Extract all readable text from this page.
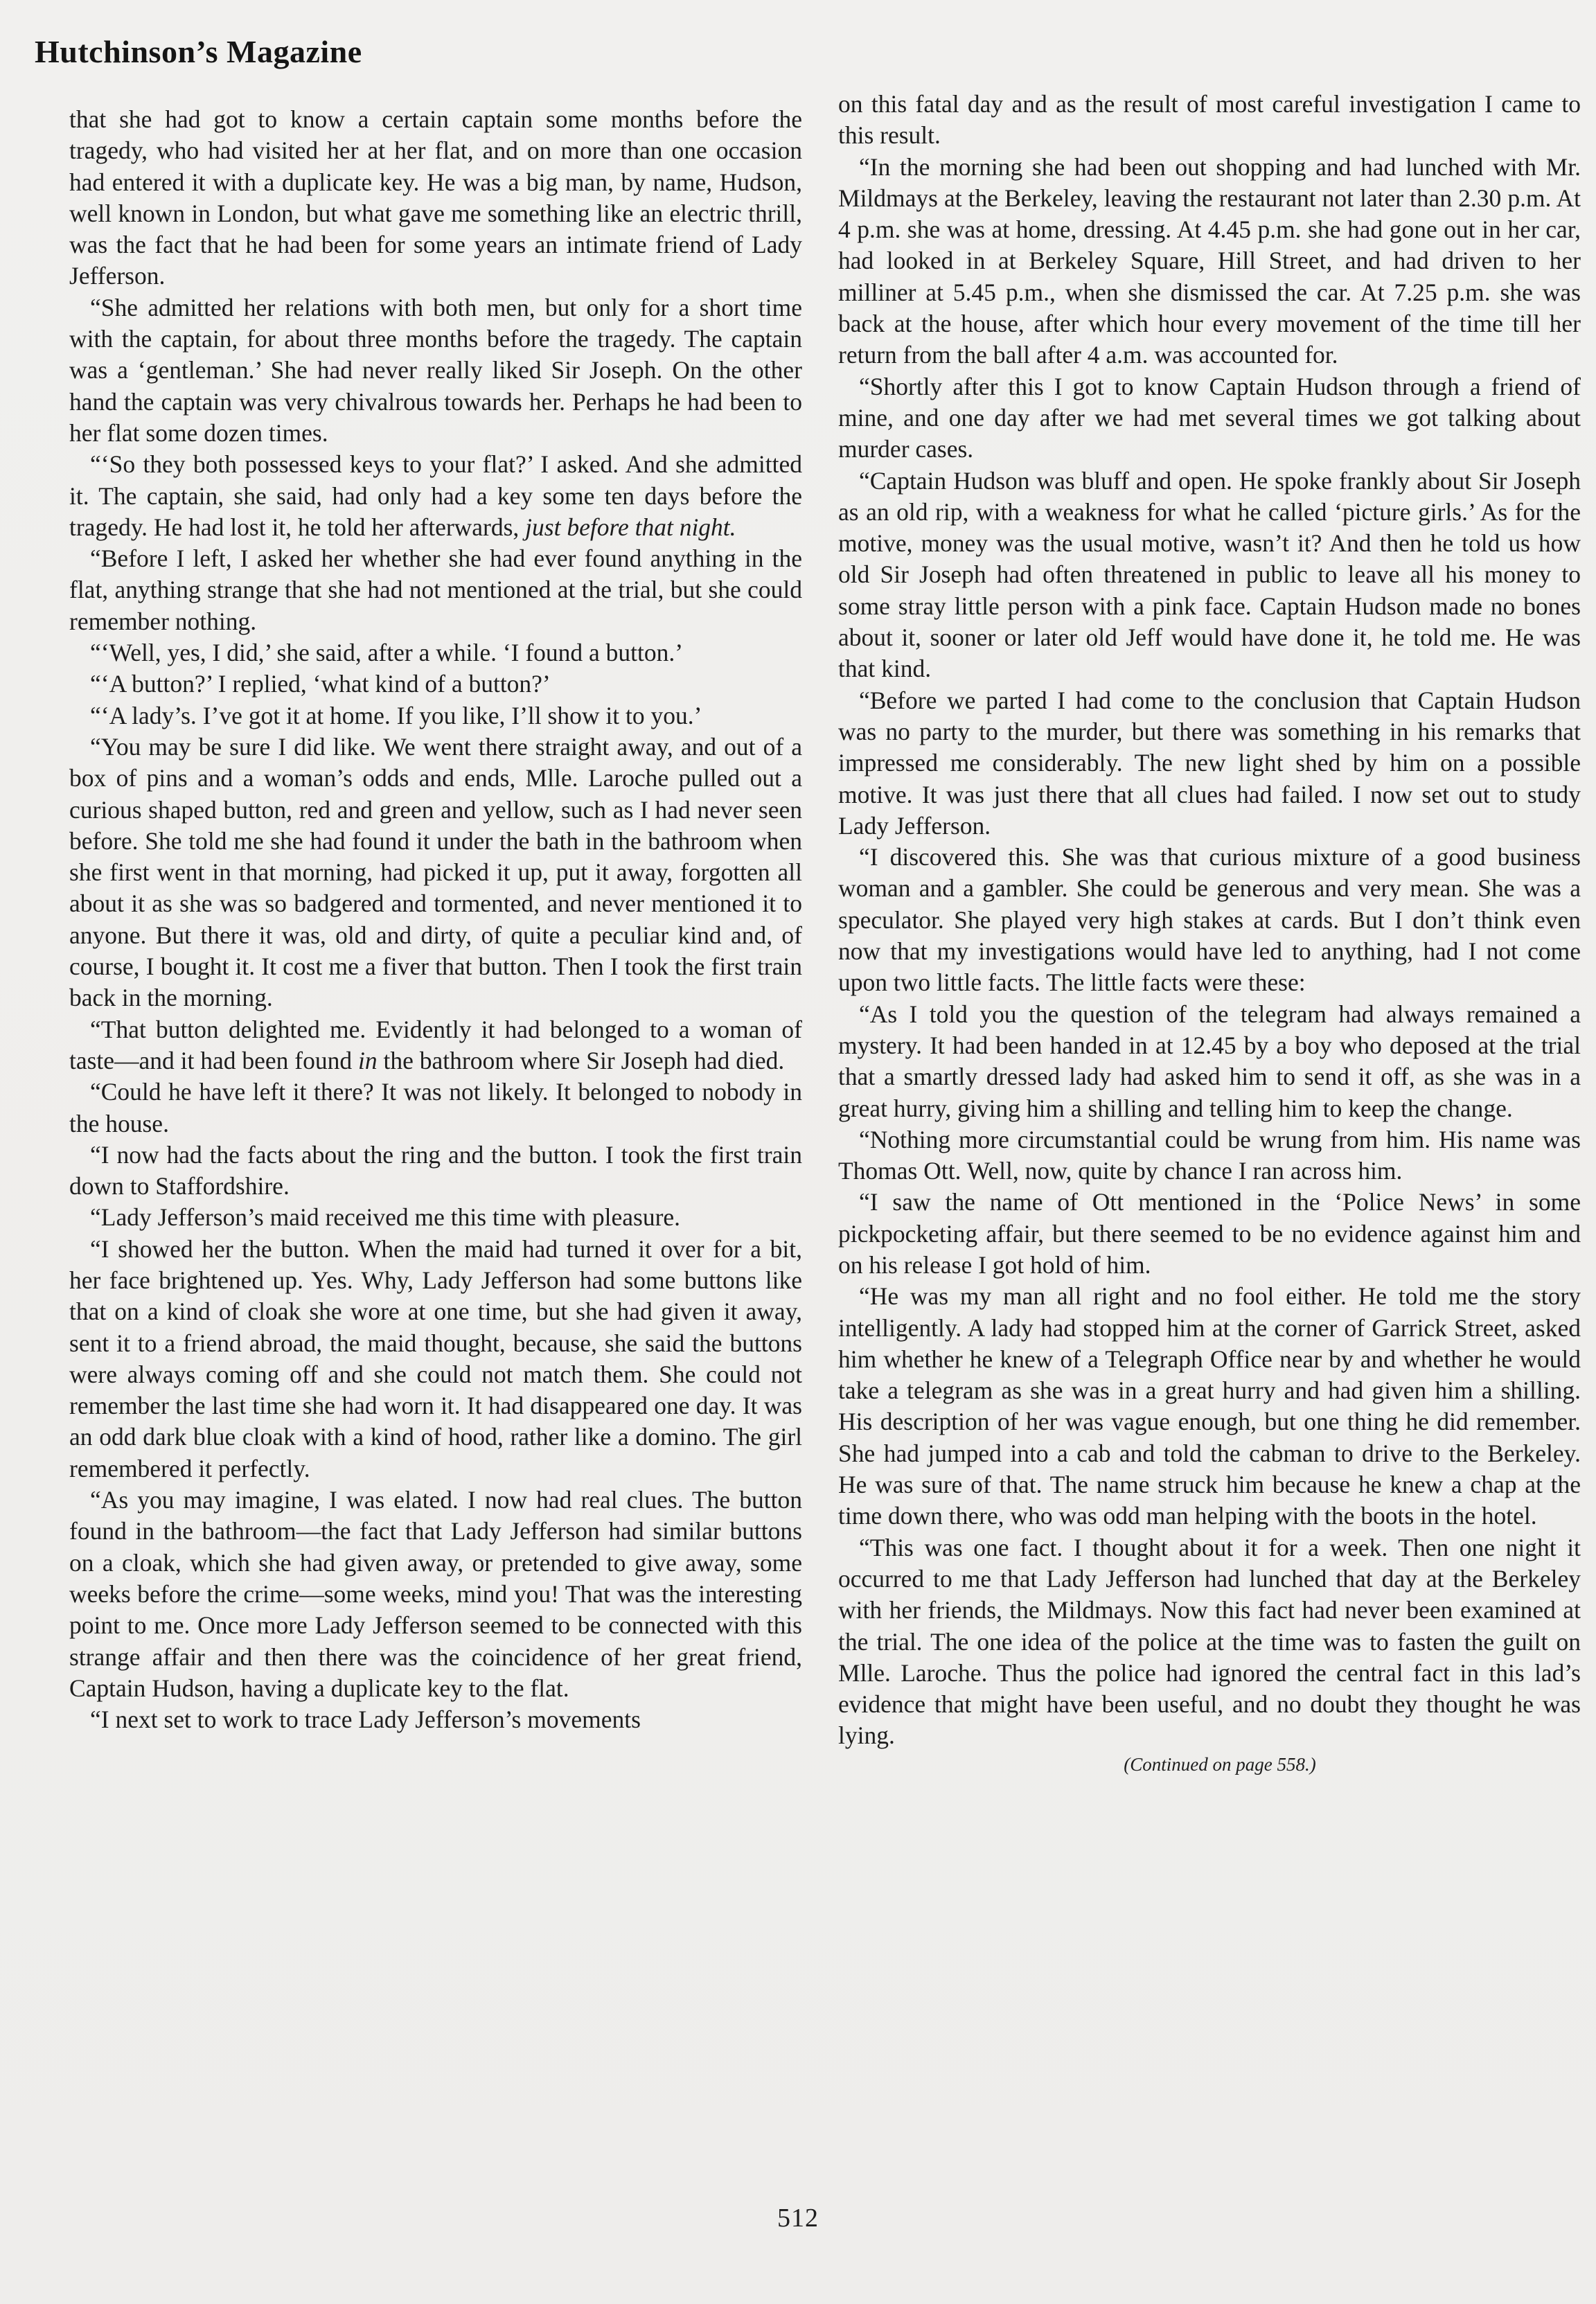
Hutchinson’s Magazine

that she had got to know a certain captain some months before the tragedy, who had visited her at her flat, and on more than one occasion had entered it with a duplicate key. He was a big man, by name, Hudson, well known in London, but what gave me something like an electric thrill, was the fact that he had been for some years an intimate friend of Lady Jefferson.

“She admitted her relations with both men, but only for a short time with the captain, for about three months before the tragedy. The captain was a ‘gentleman.’ She had never really liked Sir Joseph. On the other hand the captain was very chivalrous towards her. Perhaps he had been to her flat some dozen times.

“‘So they both possessed keys to your flat?’ I asked. And she admitted it. The captain, she said, had only had a key some ten days before the tragedy. He had lost it, he told her afterwards, just before that night.

“Before I left, I asked her whether she had ever found anything in the flat, anything strange that she had not mentioned at the trial, but she could remember nothing.

“‘Well, yes, I did,’ she said, after a while. ‘I found a button.’

“‘A button?’ I replied, ‘what kind of a button?’

“‘A lady’s. I’ve got it at home. If you like, I’ll show it to you.’

“You may be sure I did like. We went there straight away, and out of a box of pins and a woman’s odds and ends, Mlle. Laroche pulled out a curious shaped button, red and green and yellow, such as I had never seen before. She told me she had found it under the bath in the bathroom when she first went in that morning, had picked it up, put it away, forgotten all about it as she was so badgered and tormented, and never mentioned it to anyone. But there it was, old and dirty, of quite a peculiar kind and, of course, I bought it. It cost me a fiver that button. Then I took the first train back in the morning.

“That button delighted me. Evidently it had belonged to a woman of taste—and it had been found in the bathroom where Sir Joseph had died.

“Could he have left it there? It was not likely. It belonged to nobody in the house.

“I now had the facts about the ring and the button. I took the first train down to Staffordshire.

“Lady Jefferson’s maid received me this time with pleasure.

“I showed her the button. When the maid had turned it over for a bit, her face brightened up. Yes. Why, Lady Jefferson had some buttons like that on a kind of cloak she wore at one time, but she had given it away, sent it to a friend abroad, the maid thought, because, she said the buttons were always coming off and she could not match them. She could not remember the last time she had worn it. It had disappeared one day. It was an odd dark blue cloak with a kind of hood, rather like a domino. The girl remembered it perfectly.

“As you may imagine, I was elated. I now had real clues. The button found in the bathroom—the fact that Lady Jefferson had similar buttons on a cloak, which she had given away, or pretended to give away, some weeks before the crime—some weeks, mind you! That was the interesting point to me. Once more Lady Jefferson seemed to be connected with this strange affair and then there was the coincidence of her great friend, Captain Hudson, having a duplicate key to the flat.

“I next set to work to trace Lady Jefferson’s movements

on this fatal day and as the result of most careful investigation I came to this result.

“In the morning she had been out shopping and had lunched with Mr. Mildmays at the Berkeley, leaving the restaurant not later than 2.30 p.m. At 4 p.m. she was at home, dressing. At 4.45 p.m. she had gone out in her car, had looked in at Berkeley Square, Hill Street, and had driven to her milliner at 5.45 p.m., when she dismissed the car. At 7.25 p.m. she was back at the house, after which hour every movement of the time till her return from the ball after 4 a.m. was accounted for.

“Shortly after this I got to know Captain Hudson through a friend of mine, and one day after we had met several times we got talking about murder cases.

“Captain Hudson was bluff and open. He spoke frankly about Sir Joseph as an old rip, with a weakness for what he called ‘picture girls.’ As for the motive, money was the usual motive, wasn’t it? And then he told us how old Sir Joseph had often threatened in public to leave all his money to some stray little person with a pink face. Captain Hudson made no bones about it, sooner or later old Jeff would have done it, he told me. He was that kind.

“Before we parted I had come to the conclusion that Captain Hudson was no party to the murder, but there was something in his remarks that impressed me considerably. The new light shed by him on a possible motive. It was just there that all clues had failed. I now set out to study Lady Jefferson.

“I discovered this. She was that curious mixture of a good business woman and a gambler. She could be generous and very mean. She was a speculator. She played very high stakes at cards. But I don’t think even now that my investigations would have led to anything, had I not come upon two little facts. The little facts were these:

“As I told you the question of the telegram had always remained a mystery. It had been handed in at 12.45 by a boy who deposed at the trial that a smartly dressed lady had asked him to send it off, as she was in a great hurry, giving him a shilling and telling him to keep the change.

“Nothing more circumstantial could be wrung from him. His name was Thomas Ott. Well, now, quite by chance I ran across him.

“I saw the name of Ott mentioned in the ‘Police News’ in some pickpocketing affair, but there seemed to be no evidence against him and on his release I got hold of him.

“He was my man all right and no fool either. He told me the story intelligently. A lady had stopped him at the corner of Garrick Street, asked him whether he knew of a Telegraph Office near by and whether he would take a telegram as she was in a great hurry and had given him a shilling. His description of her was vague enough, but one thing he did remember. She had jumped into a cab and told the cabman to drive to the Berkeley. He was sure of that. The name struck him because he knew a chap at the time down there, who was odd man helping with the boots in the hotel.

“This was one fact. I thought about it for a week. Then one night it occurred to me that Lady Jefferson had lunched that day at the Berkeley with her friends, the Mildmays. Now this fact had never been examined at the trial. The one idea of the police at the time was to fasten the guilt on Mlle. Laroche. Thus the police had ignored the central fact in this lad’s evidence that might have been useful, and no doubt they thought he was lying.

(Continued on page 558.)

512
